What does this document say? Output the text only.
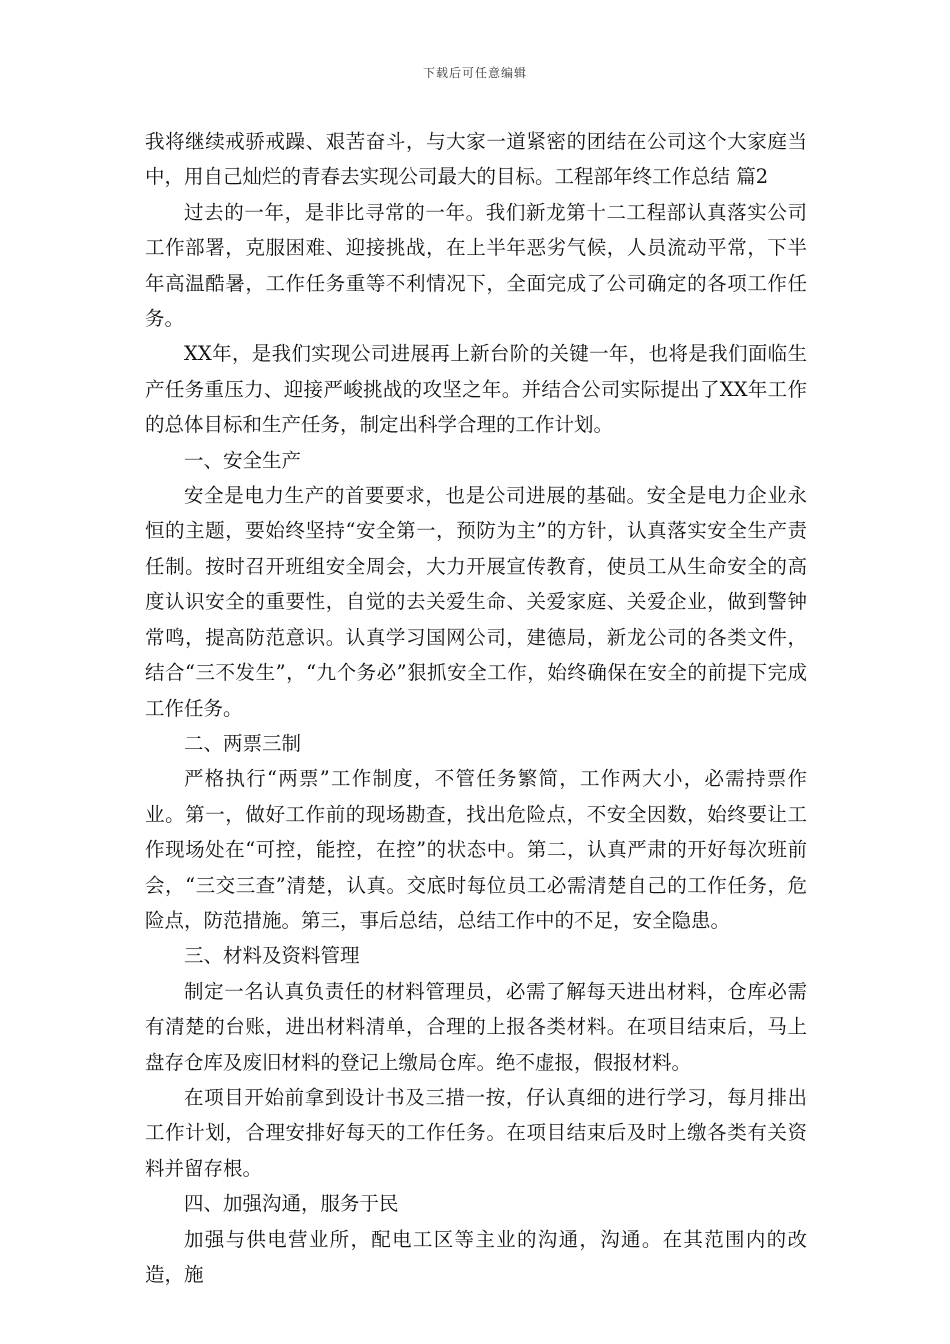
下载后可任意编辑

我将继续戒骄戒躁、艰苦奋斗，与大家一道紧密的团结在公司这个大家庭当中，用自己灿烂的青春去实现公司最大的目标。工程部年终工作总结 篇2

过去的一年，是非比寻常的一年。我们新龙第十二工程部认真落实公司工作部署，克服困难、迎接挑战，在上半年恶劣气候，人员流动平常，下半年高温酷暑，工作任务重等不利情况下，全面完成了公司确定的各项工作任务。

XX年，是我们实现公司进展再上新台阶的关键一年，也将是我们面临生产任务重压力、迎接严峻挑战的攻坚之年。并结合公司实际提出了XX年工作的总体目标和生产任务，制定出科学合理的工作计划。

一、安全生产

安全是电力生产的首要要求，也是公司进展的基础。安全是电力企业永恒的主题，要始终坚持“安全第一，预防为主”的方针，认真落实安全生产责任制。按时召开班组安全周会，大力开展宣传教育，使员工从生命安全的高度认识安全的重要性，自觉的去关爱生命、关爱家庭、关爱企业，做到警钟常鸣，提高防范意识。认真学习国网公司，建德局，新龙公司的各类文件，结合“三不发生”，“九个务必”狠抓安全工作，始终确保在安全的前提下完成工作任务。

二、两票三制

严格执行“两票”工作制度，不管任务繁简，工作两大小，必需持票作业。第一，做好工作前的现场勘查，找出危险点，不安全因数，始终要让工作现场处在“可控，能控，在控”的状态中。第二，认真严肃的开好每次班前会，“三交三查”清楚，认真。交底时每位员工必需清楚自己的工作任务，危险点，防范措施。第三，事后总结，总结工作中的不足，安全隐患。

三、材料及资料管理

制定一名认真负责任的材料管理员，必需了解每天进出材料，仓库必需有清楚的台账，进出材料清单，合理的上报各类材料。在项目结束后，马上盘存仓库及废旧材料的登记上缴局仓库。绝不虚报，假报材料。

在项目开始前拿到设计书及三措一按，仔认真细的进行学习，每月排出工作计划，合理安排好每天的工作任务。在项目结束后及时上缴各类有关资料并留存根。

四、加强沟通，服务于民

加强与供电营业所，配电工区等主业的沟通，沟通。在其范围内的改造，施
